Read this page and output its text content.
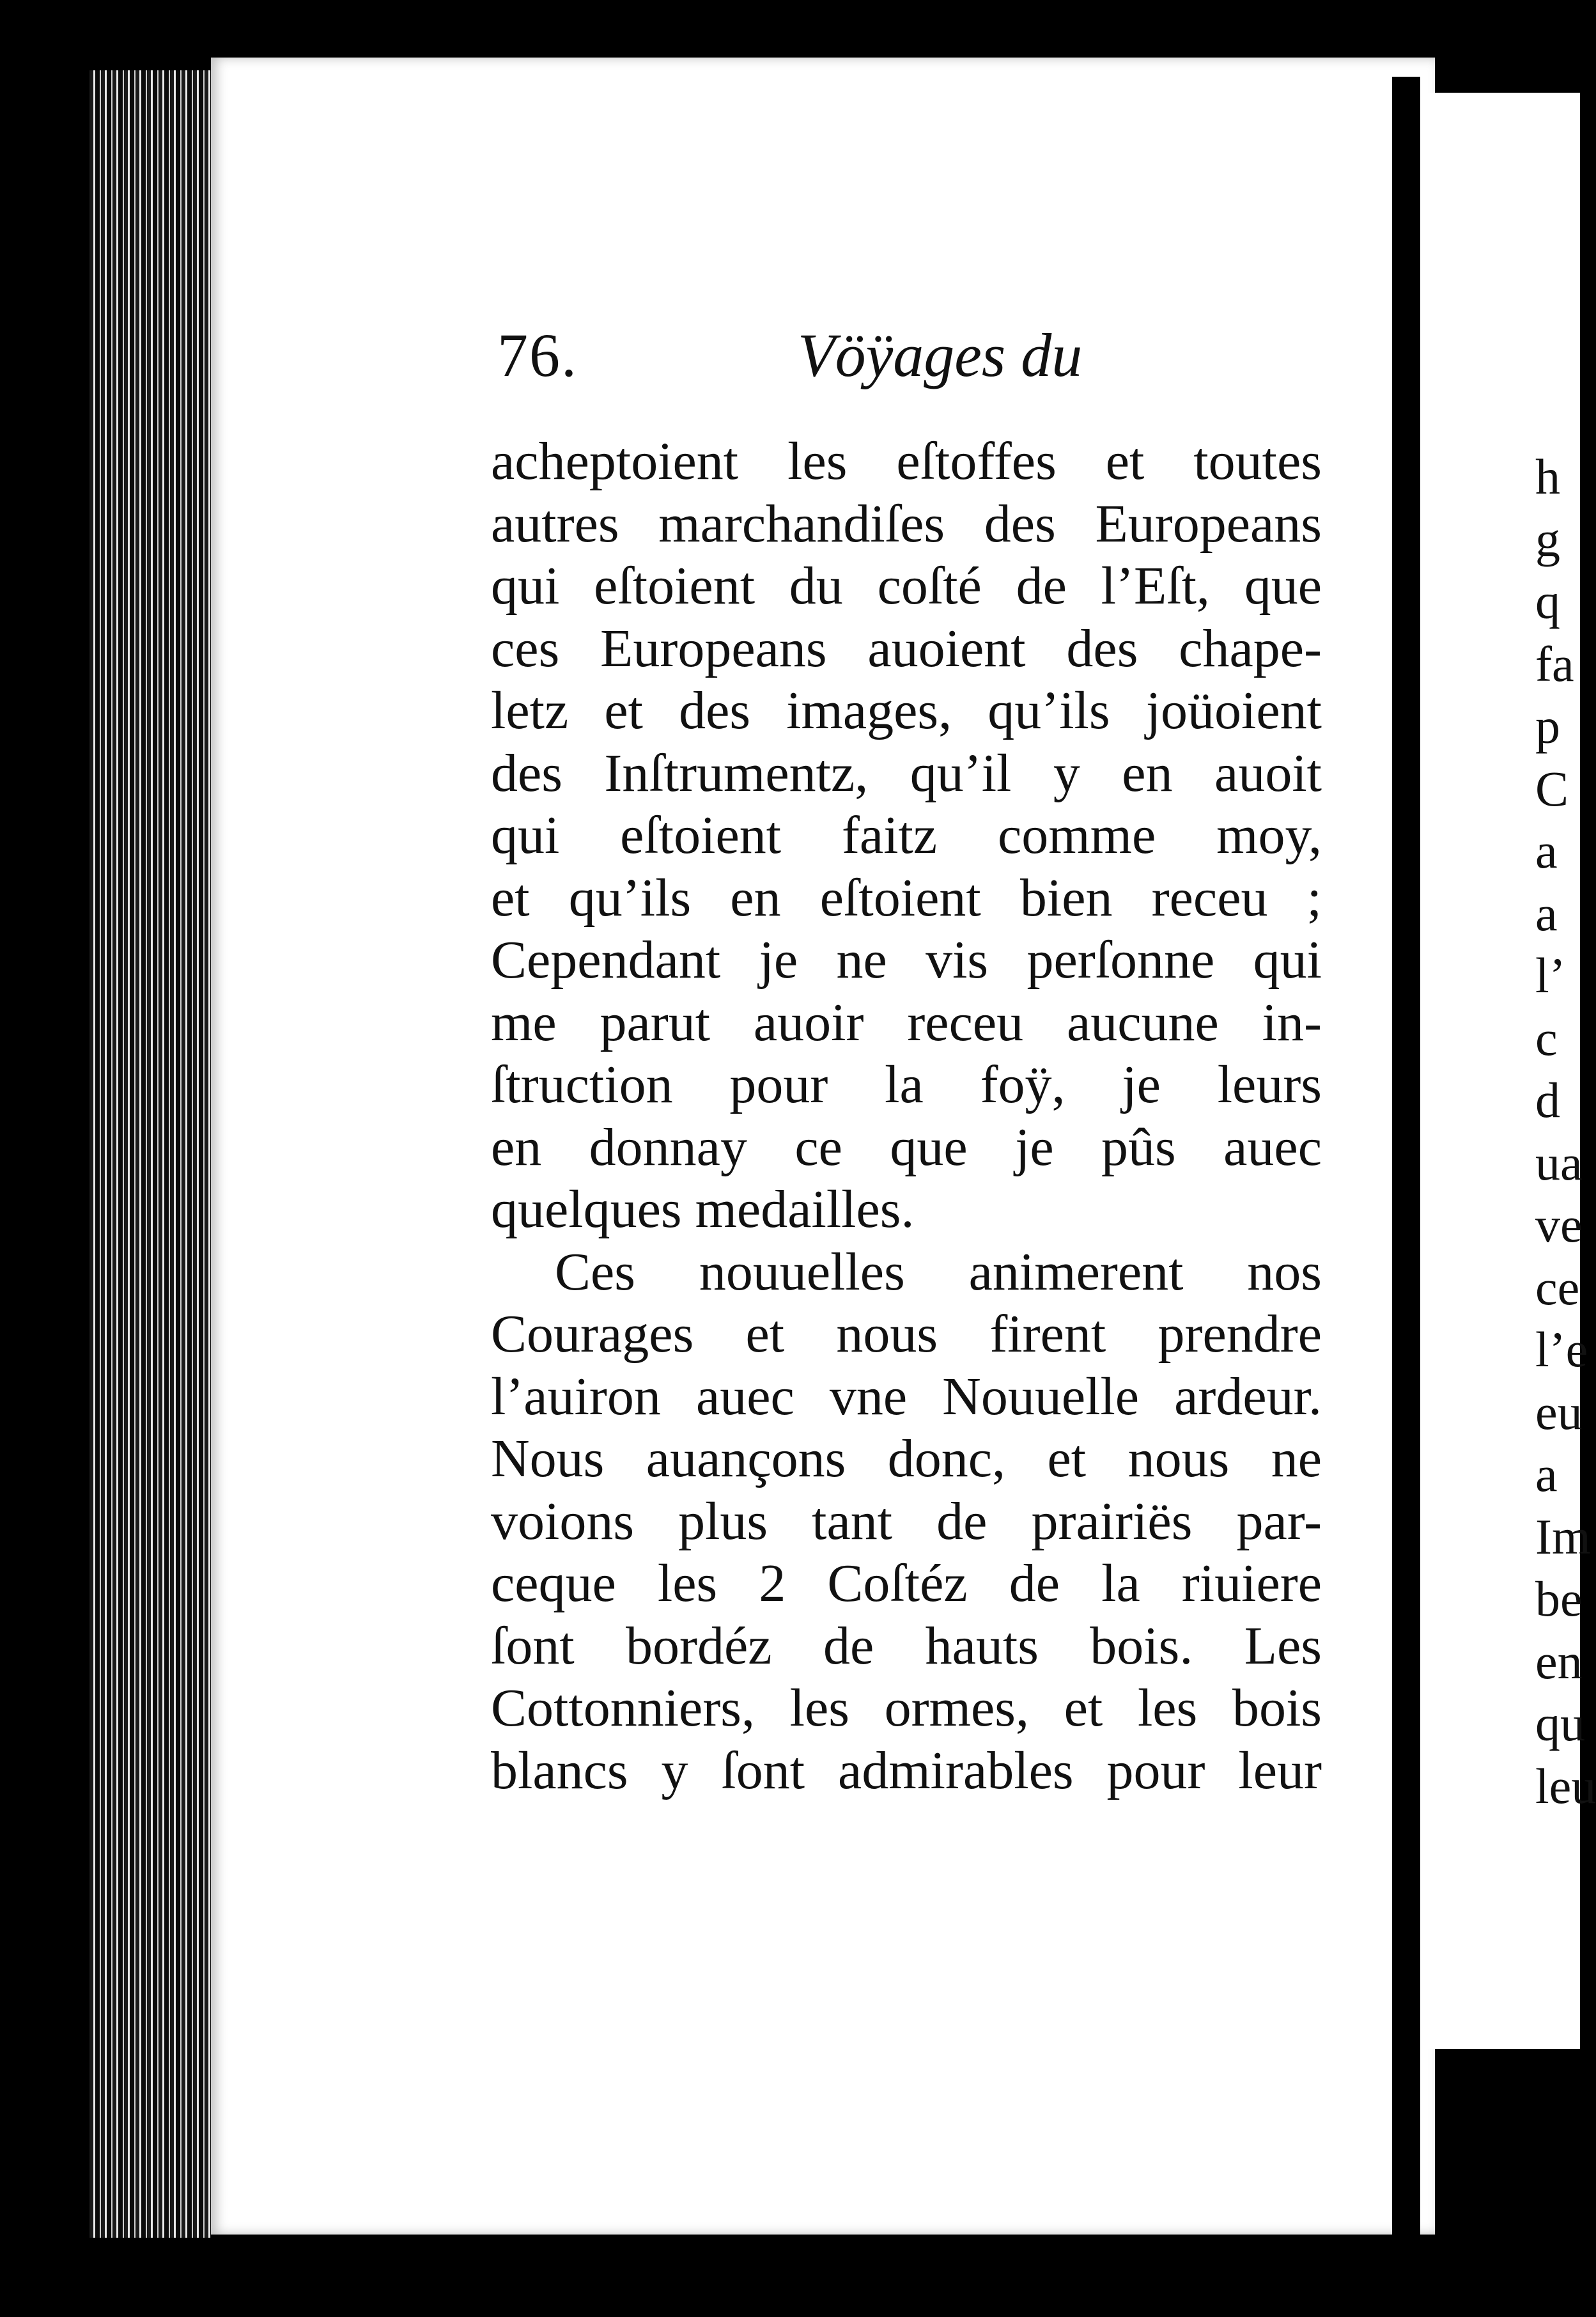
76.	Vöÿages du
acheptoient les eſtoffes et toutes
autres marchandiſes des Europeans
qui eſtoient du coſté de l’Eſt, que
ces Europeans auoient des chape-
letz et des images, qu’ils joüoient
des Inſtrumentz, qu’il y en auoit
qui eſtoient faitz comme moy,
et qu’ils en eſtoient bien receu ;
Cependant je ne vis perſonne qui
me parut auoir receu aucune in-
ſtruction pour la foÿ, je leurs
en donnay ce que je pûs auec
quelques medailles.
Ces nouuelles animerent nos
Courages et nous firent prendre
l’auiron auec vne Nouuelle ardeur.
Nous auançons donc, et nous ne
voions plus tant de prairiës par-
ceque les 2 Coſtéz de la riuiere
ſont bordéz de hauts bois. Les
Cottonniers, les ormes, et les bois
blancs y ſont admirables pour leur
h
g
q
fa
p
C
a
a
l’
c
d
ua
ve
ce
l’e
eu
a
Im
be
en
qu
leu
